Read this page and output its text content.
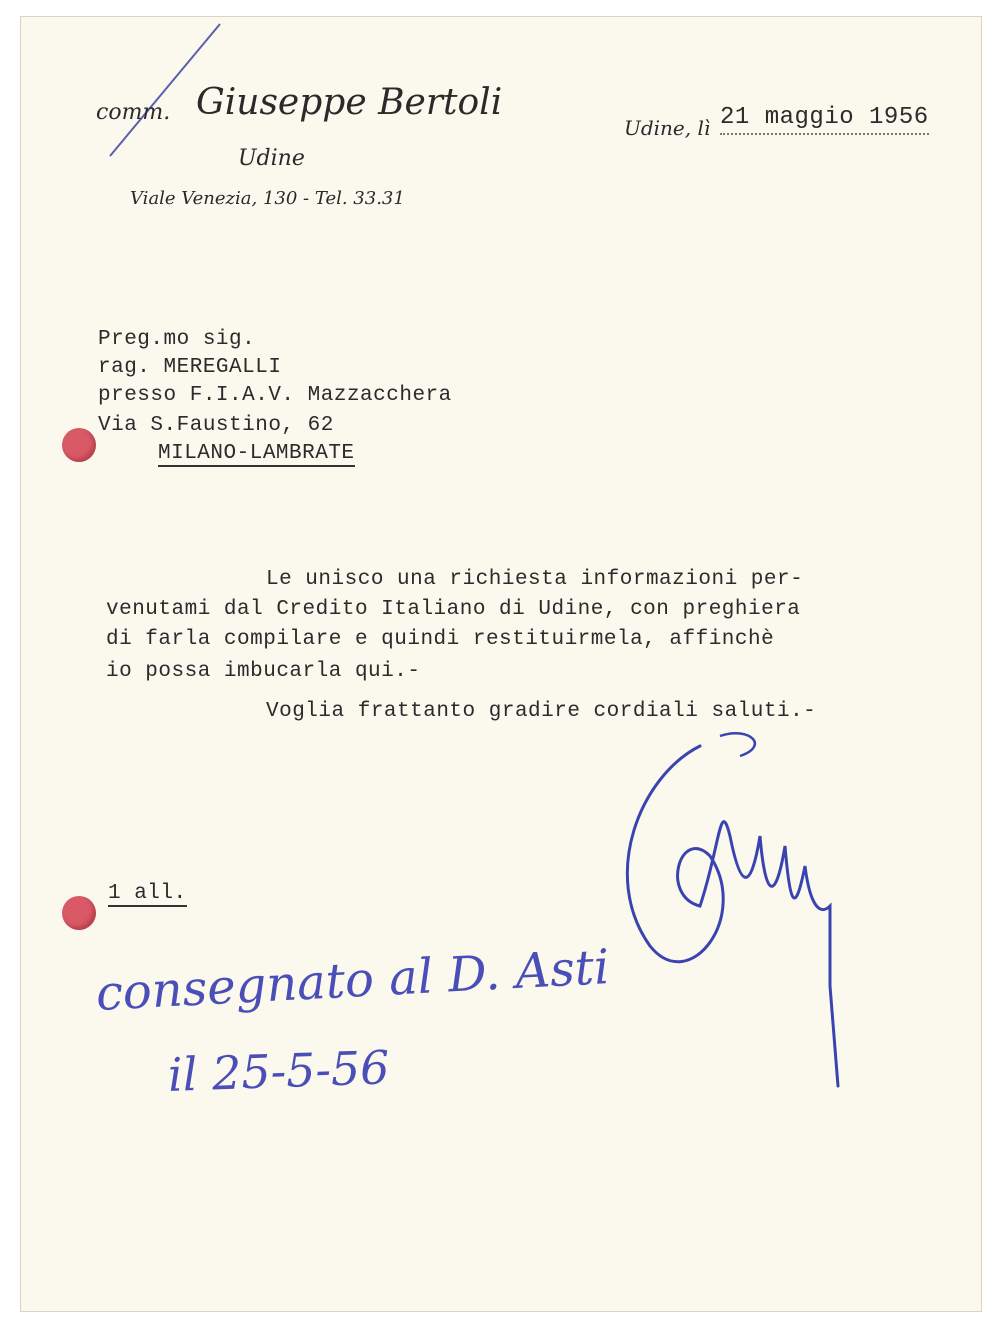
comm. Giuseppe Bertoli
Udine
Viale Venezia, 130 - Tel. 33.31
Udine, lì 21 maggio 1956
Preg.mo sig.
rag. MEREGALLI
presso F.I.A.V. Mazzacchera
Via S.Faustino, 62
MILANO-LAMBRATE
Le unisco una richiesta informazioni per-
venutami dal Credito Italiano di Udine, con preghiera
di farla compilare e quindi restituirmela, affinchè
io possa imbucarla qui.-
Voglia frattanto gradire cordiali saluti.-
1 all.
consegnato al D. Asti
il 25-5-56
